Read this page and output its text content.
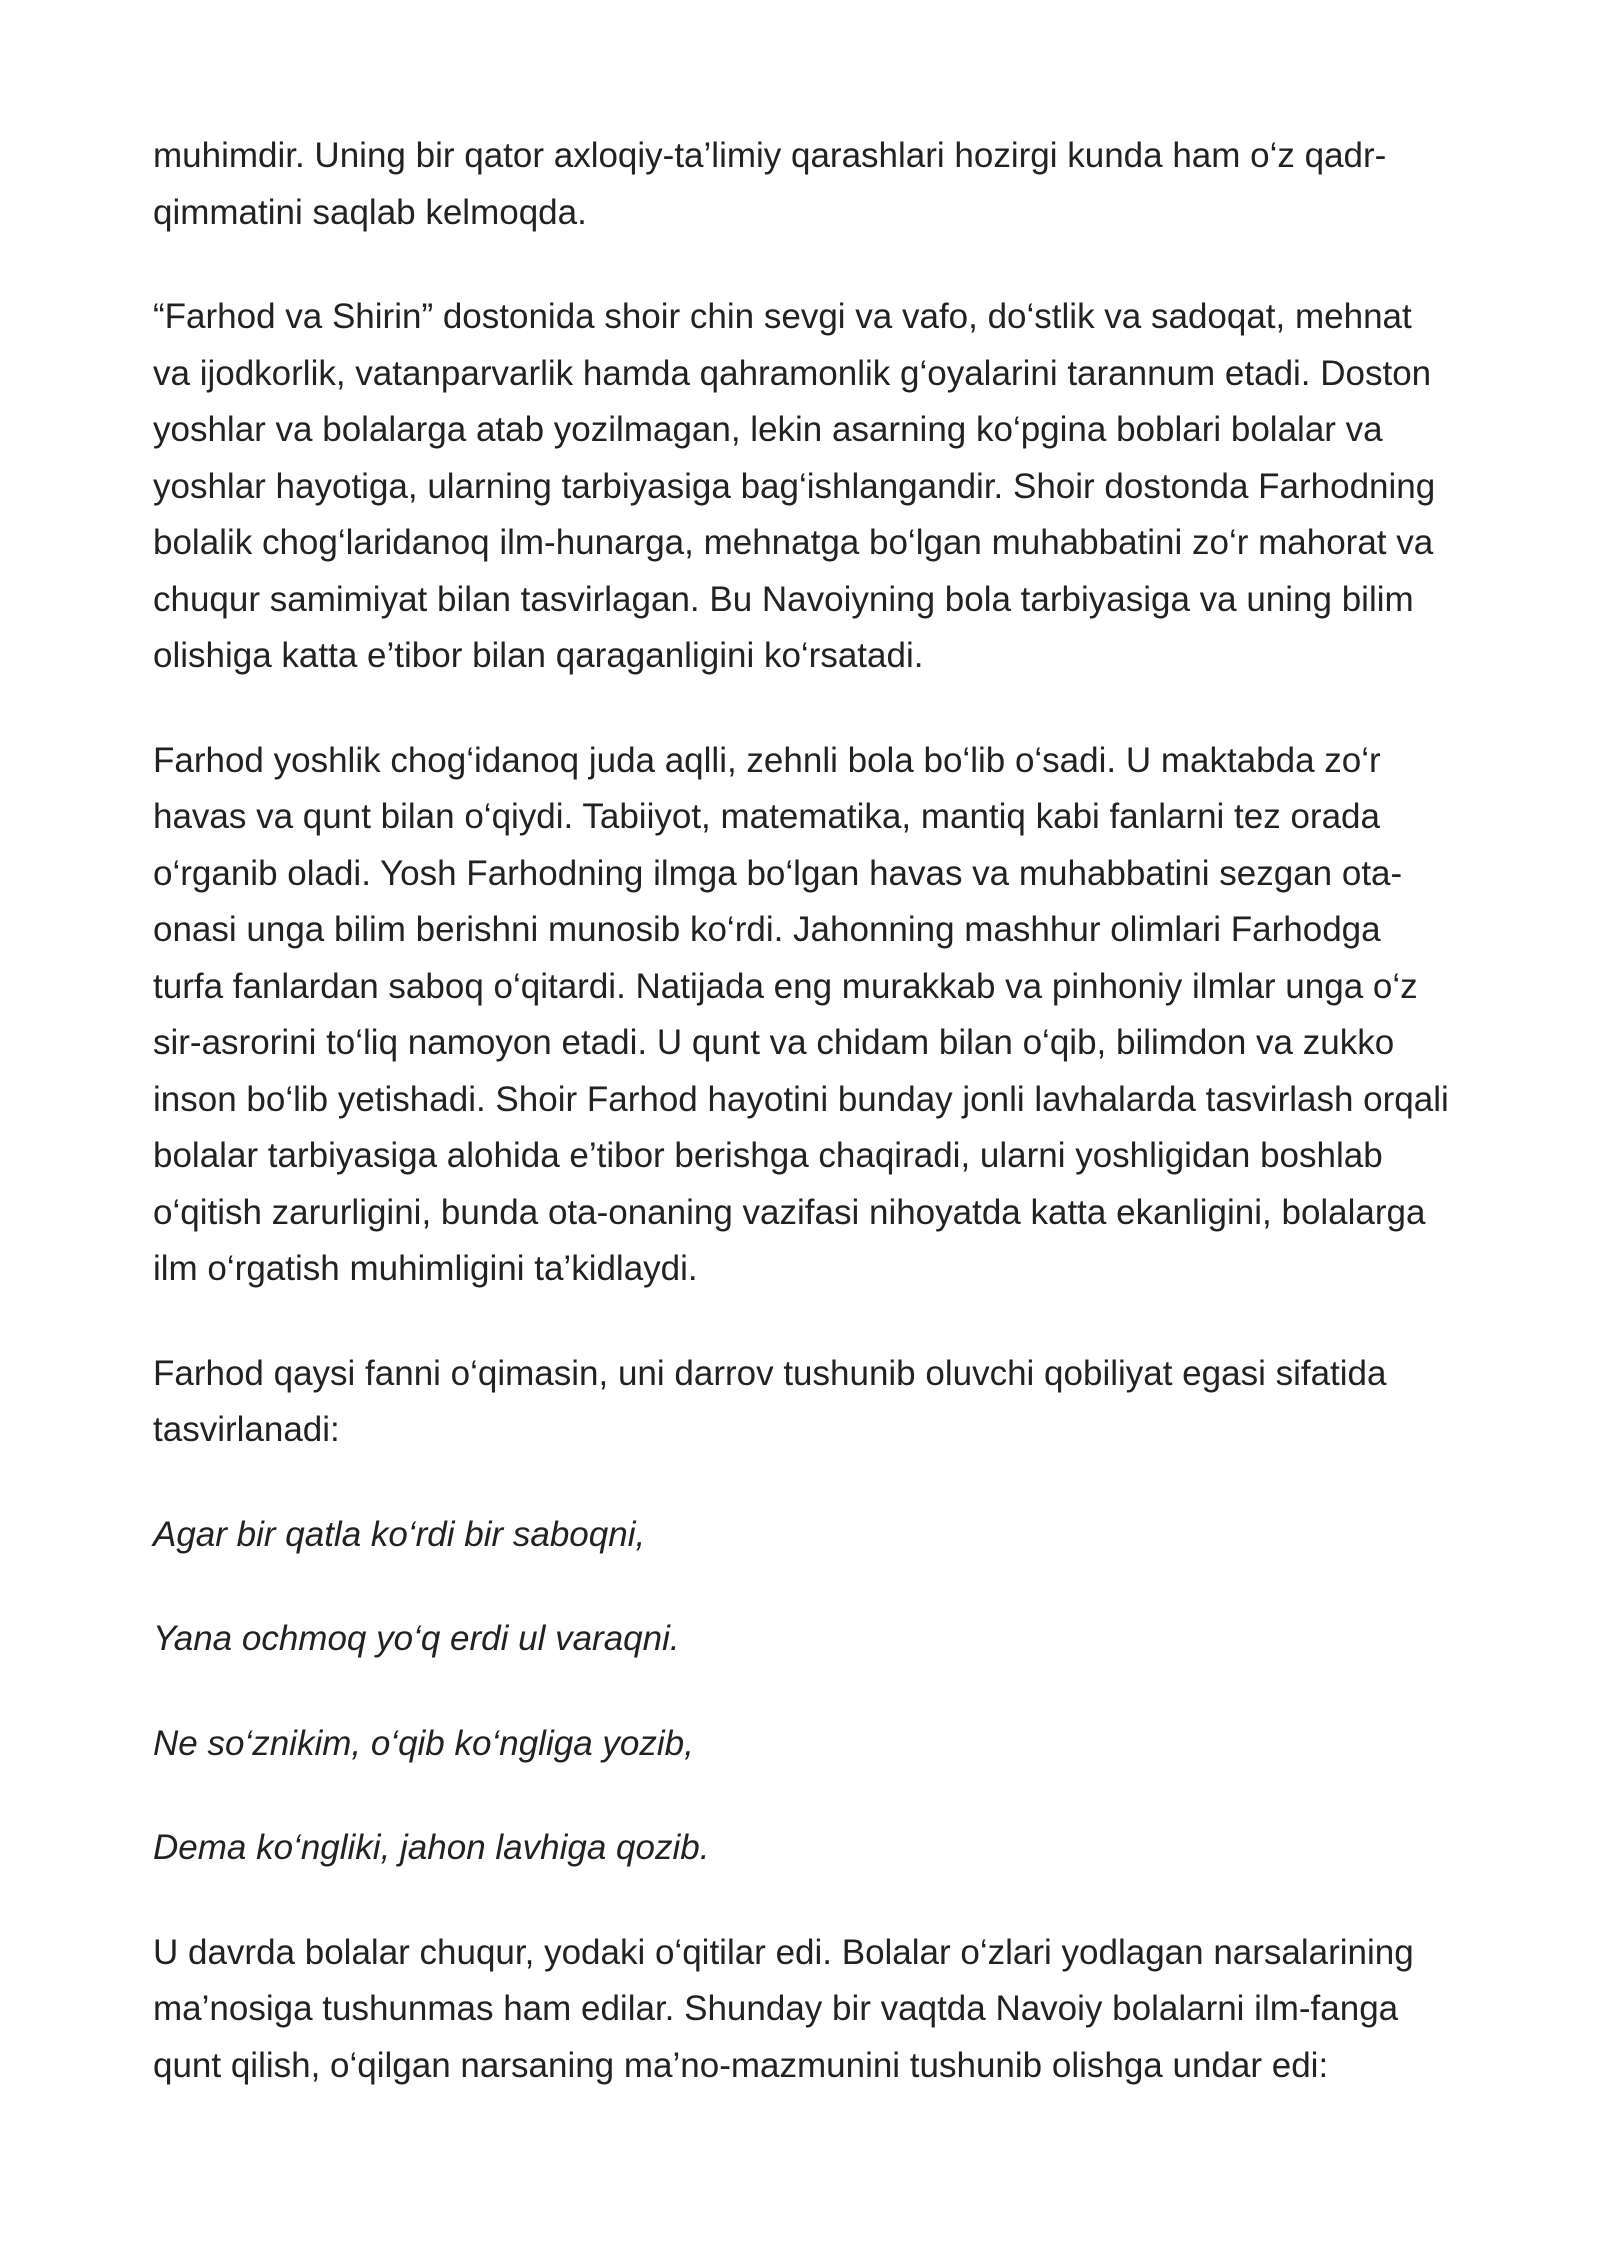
muhimdir. Uning bir qator axloqiy-ta’limiy qarashlari hozirgi kunda ham o‘z qadr-
qimmatini saqlab kelmoqda.

“Farhod va Shirin” dostonida shoir chin sevgi va vafo, do‘stlik va sadoqat, mehnat
va ijodkorlik, vatanparvarlik hamda qahramonlik g‘oyalarini tarannum etadi. Doston
yoshlar va bolalarga atab yozilmagan, lekin asarning ko‘pgina boblari bolalar va
yoshlar hayotiga, ularning tarbiyasiga bag‘ishlangandir. Shoir dostonda Farhodning
bolalik chog‘laridanoq ilm-hunarga, mehnatga bo‘lgan muhabbatini zo‘r mahorat va
chuqur samimiyat bilan tasvirlagan. Bu Navoiyning bola tarbiyasiga va uning bilim
olishiga katta e’tibor bilan qaraganligini ko‘rsatadi.

Farhod yoshlik chog‘idanoq juda aqlli, zehnli bola bo‘lib o‘sadi. U maktabda zo‘r
havas va qunt bilan o‘qiydi. Tabiiyot, matematika, mantiq kabi fanlarni tez orada
o‘rganib oladi. Yosh Farhodning ilmga bo‘lgan havas va muhabbatini sezgan ota-
onasi unga bilim berishni munosib ko‘rdi. Jahonning mashhur olimlari Farhodga
turfa fanlardan saboq o‘qitardi. Natijada eng murakkab va pinhoniy ilmlar unga o‘z
sir-asrorini to‘liq namoyon etadi. U qunt va chidam bilan o‘qib, bilimdon va zukko
inson bo‘lib yetishadi. Shoir Farhod hayotini bunday jonli lavhalarda tasvirlash orqali
bolalar tarbiyasiga alohida e’tibor berishga chaqiradi, ularni yoshligidan boshlab
o‘qitish zarurligini, bunda ota-onaning vazifasi nihoyatda katta ekanligini, bolalarga
ilm o‘rgatish muhimligini ta’kidlaydi.

Farhod qaysi fanni o‘qimasin, uni darrov tushunib oluvchi qobiliyat egasi sifatida
tasvirlanadi:

Agar bir qatla ko‘rdi bir saboqni,

Yana ochmoq yo‘q erdi ul varaqni.

Ne so‘znikim, o‘qib ko‘ngliga yozib,

Dema ko‘ngliki, jahon lavhiga qozib.

U davrda bolalar chuqur, yodaki o‘qitilar edi. Bolalar o‘zlari yodlagan narsalarining
ma’nosiga tushunmas ham edilar. Shunday bir vaqtda Navoiy bolalarni ilm-fanga
qunt qilish, o‘qilgan narsaning ma’no-mazmunini tushunib olishga undar edi:
